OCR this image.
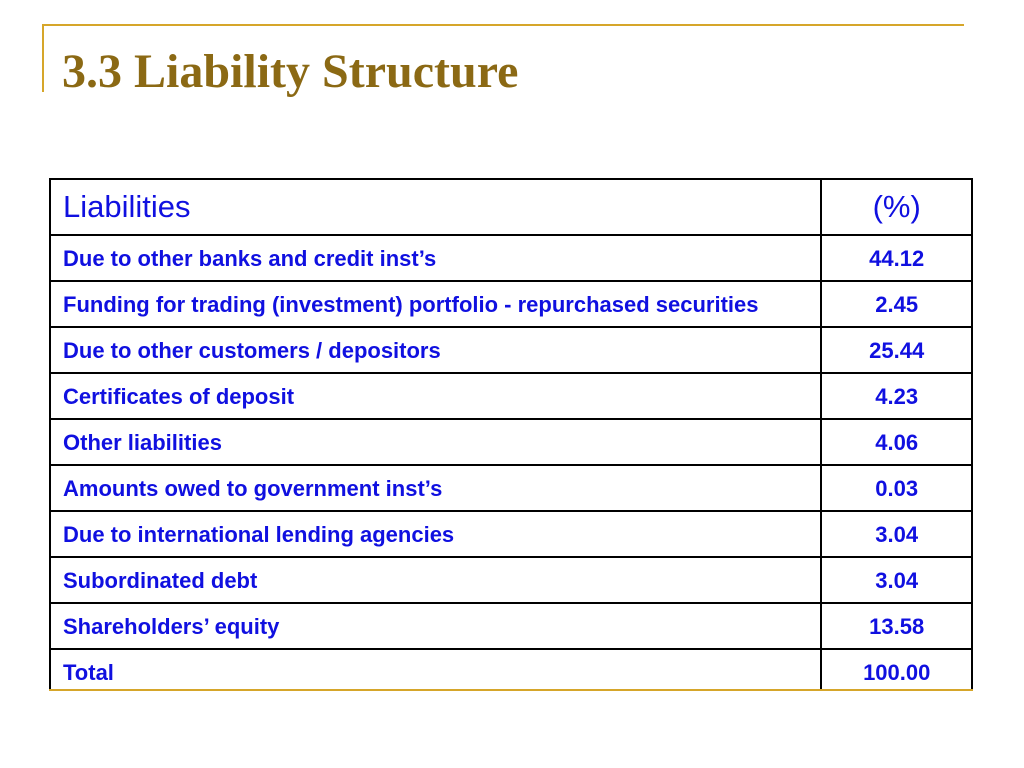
3.3 Liability Structure
Liabilities	(%)
Due to other banks and credit inst’s	44.12
Funding for trading (investment) portfolio - repurchased securities	2.45
Due to other customers / depositors	25.44
Certificates of deposit	4.23
Other liabilities	4.06
Amounts owed to government inst’s	0.03
Due to international lending agencies	3.04
Subordinated debt	3.04
Shareholders’ equity	13.58
Total	100.00
